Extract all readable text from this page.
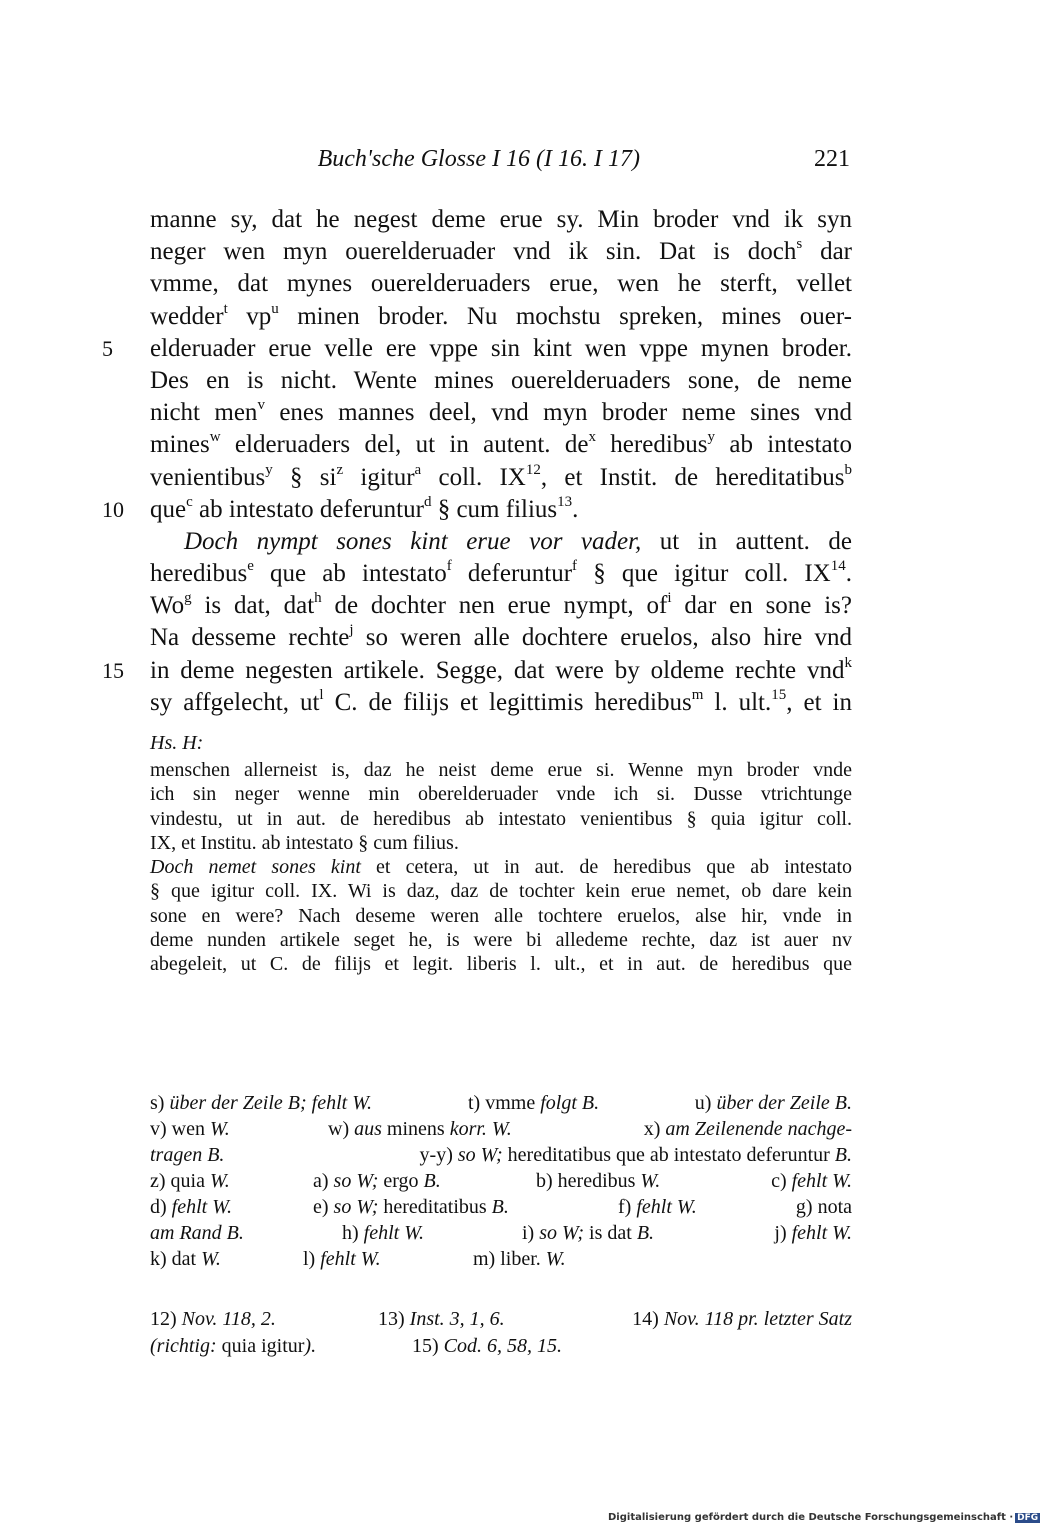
Buch'sche Glosse I 16 (I 16. I 17)	221
manne sy, dat he negest deme erue sy. Min broder vnd ik syn
neger wen myn ouerelderuader vnd ik sin. Dat is doch$^s$ dar
vmme, dat mynes ouerelderuaders erue, wen he sterft, vellet
wedder$^t$ $vp^u$ minen broder. Nu mochstu spreken, mines ouer-
5 elderuader erue velle ere vppe sin kint wen vppe mynen broder.
Des en is nicht. Wente mines ouerelderuaders sone, de neme
nicht men$^v$ enes mannes deel, vnd myn broder neme sines vnd
mines$^w$ elderuaders del, ut in autent. $de^x$ heredibus$^y$ ab intestato
venientibus$^y$ § $si^z$ igitur$^a$ coll. IX$^{12}$, et Instit. de hereditatibus$^b$
10 que$^c$ ab intestato deferuntur$^d$ § cum filius$^{13}$.
Doch nympt sones kint erue vor vader, ut in auttent. de
heredibus$^e$ que ab intestato$^f$ deferuntur$^f$ § que igitur coll. IX$^{14}$.
Wo$^g$ is dat, dat$^h$ de dochter nen erue nympt, $of^i$ dar en sone is?
Na desseme rechte$^j$ so weren alle dochtere eruelos, also hire vnd
15 in deme negesten artikele. Segge, dat were by oldeme rechte vnd$^k$
sy affgelecht, $ut^l$ C. de filijs et legittimis heredibus$^m$ l. ult.$^{15}$, et in
Hs. H:
menschen allerneist is, daz he neist deme erue si. Wenne myn broder vnde
ich sin neger wenne min oberelderuader vnde ich si. Dusse vtrichtunge
vindestu, ut in aut. de heredibus ab intestato venientibus § quia igitur coll.
IX, et Institu. ab intestato § cum filius.
Doch nemet sones kint et cetera, ut in aut. de heredibus que ab intestato
§ que igitur coll. IX. Wi is daz, daz de tochter kein erue nemet, ob dare kein
sone en were? Nach deseme weren alle tochtere eruelos, alse hir, vnde in
deme nunden artikele seget he, is were bi alledeme rechte, daz ist auer nv
abegeleit, ut C. de filijs et legit. liberis l. ult., et in aut. de heredibus que
s) über der Zeile B; fehlt W.	t) vmme folgt B.	u) über der Zeile B.
v) wen W.	w) aus minens korr. W.	x) am Zeilenende nachge-
tragen B.	y-y) so W; hereditatibus que ab intestato deferuntur B.
z) quia W.	a) so W; ergo B.	b) heredibus W.	c) fehlt W.
d) fehlt W.	e) so W; hereditatibus B.	f) fehlt W.	g) nota
am Rand B.	h) fehlt W.	i) so W; is dat B.	j) fehlt W.
k) dat W.	l) fehlt W.	m) liber. W.
12) Nov. 118, 2.	13) Inst. 3, 1, 6.	14) Nov. 118 pr. letzter Satz
(richtig: quia igitur).	15) Cod. 6, 58, 15.
Digitalisierung gefördert durch die Deutsche Forschungsgemeinschaft · DFG
